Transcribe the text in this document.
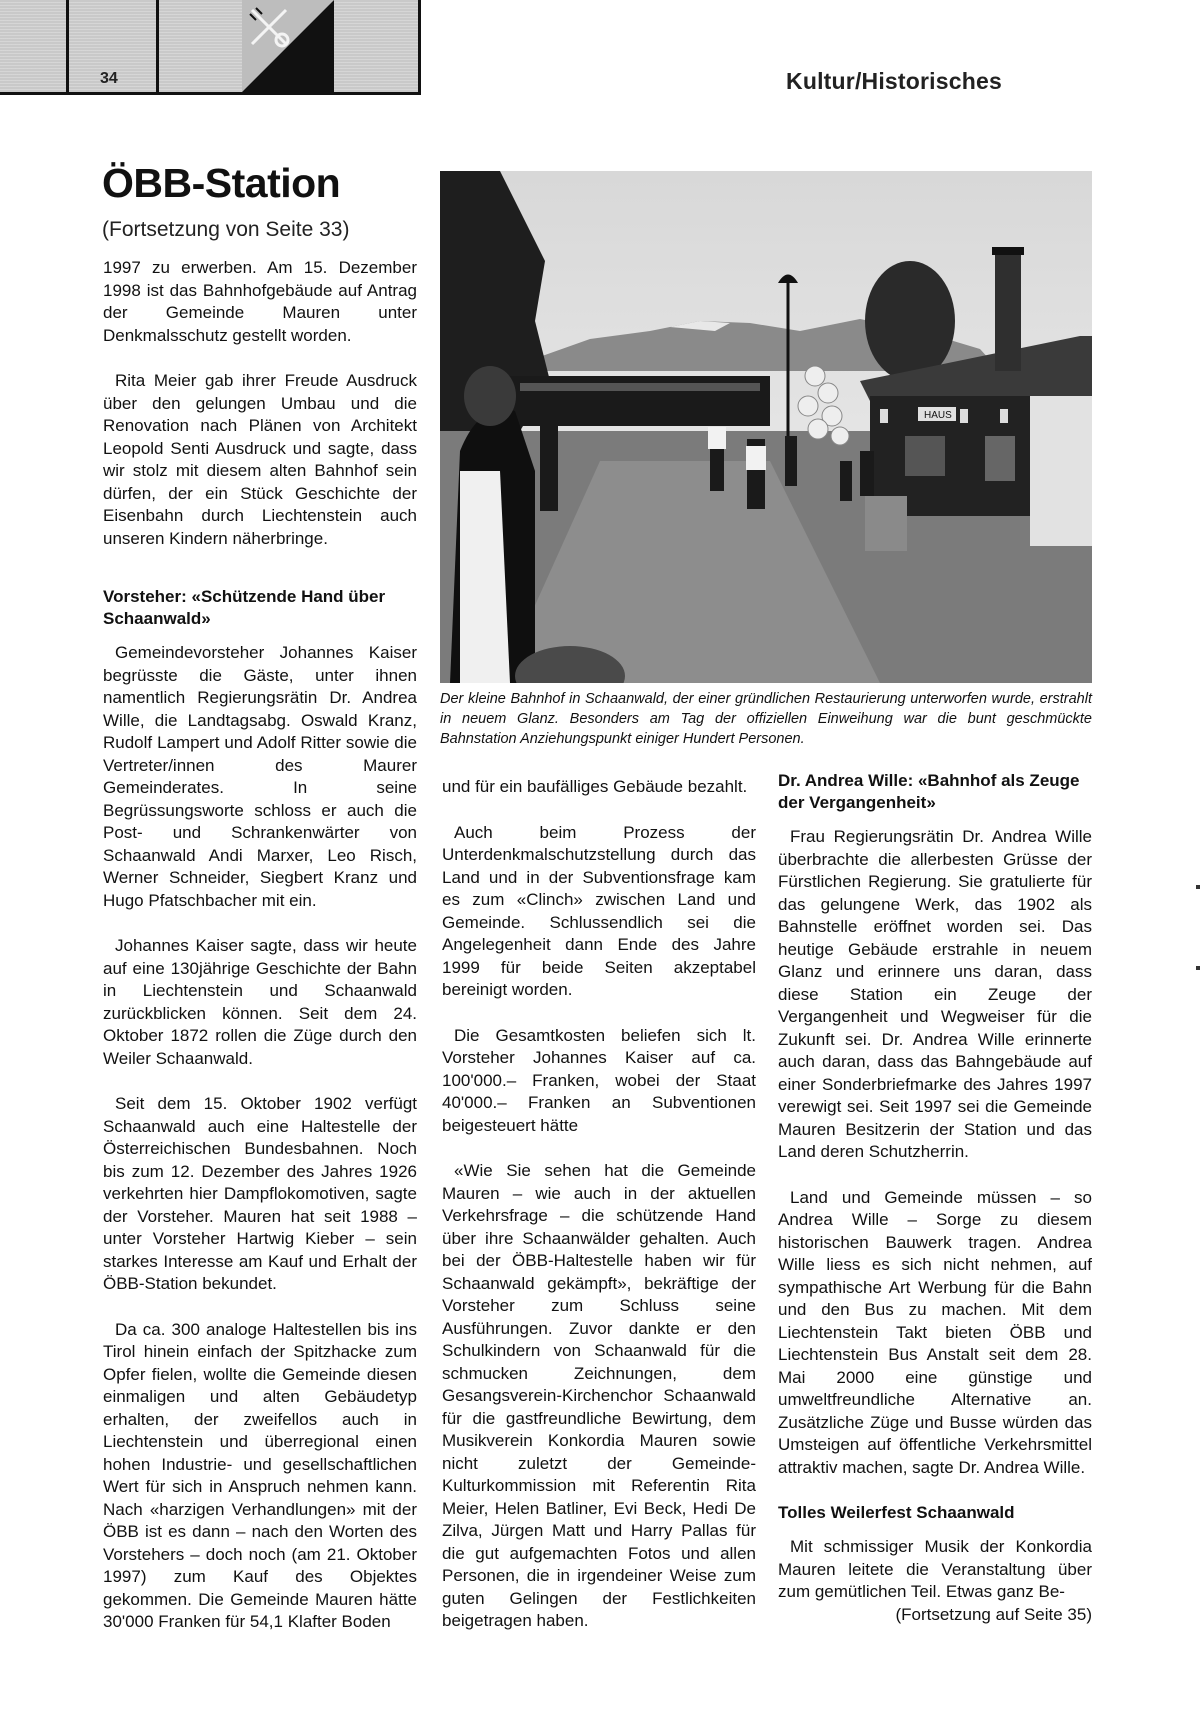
34	Kultur/Historisches
ÖBB-Station
(Fortsetzung von Seite 33)

1997 zu erwerben. Am 15. Dezember 1998 ist das Bahnhofgebäude auf Antrag der Gemeinde Mauren unter Denkmalsschutz gestellt worden.

Rita Meier gab ihrer Freude Ausdruck über den gelungen Umbau und die Renovation nach Plänen von Architekt Leopold Senti Ausdruck und sagte, dass wir stolz mit diesem alten Bahnhof sein dürfen, der ein Stück Geschichte der Eisenbahn durch Liechtenstein auch unseren Kindern näherbringe.

Vorsteher: «Schützende Hand über Schaanwald»

Gemeindevorsteher Johannes Kaiser begrüsste die Gäste, unter ihnen namentlich Regierungsrätin Dr. Andrea Wille, die Landtagsabg. Oswald Kranz, Rudolf Lampert und Adolf Ritter sowie die Vertreter/innen des Maurer Gemeinderates. In seine Begrüssungsworte schloss er auch die Post- und Schrankenwärter von Schaanwald Andi Marxer, Leo Risch, Werner Schneider, Siegbert Kranz und Hugo Pfatschbacher mit ein.

Johannes Kaiser sagte, dass wir heute auf eine 130jährige Geschichte der Bahn in Liechtenstein und Schaanwald zurückblicken können. Seit dem 24. Oktober 1872 rollen die Züge durch den Weiler Schaanwald.

Seit dem 15. Oktober 1902 verfügt Schaanwald auch eine Haltestelle der Österreichischen Bundesbahnen. Noch bis zum 12. Dezember des Jahres 1926 verkehrten hier Dampflokomotiven, sagte der Vorsteher. Mauren hat seit 1988 – unter Vorsteher Hartwig Kieber – sein starkes Interesse am Kauf und Erhalt der ÖBB-Station bekundet.

Da ca. 300 analoge Haltestellen bis ins Tirol hinein einfach der Spitzhacke zum Opfer fielen, wollte die Gemeinde diesen einmaligen und alten Gebäudetyp erhalten, der zweifellos auch in Liechtenstein und überregional einen hohen Industrie- und gesellschaftlichen Wert für sich in Anspruch nehmen kann. Nach «harzigen Verhandlungen» mit der ÖBB ist es dann – nach den Worten des Vorstehers – doch noch (am 21. Oktober 1997) zum Kauf des Objektes gekommen. Die Gemeinde Mauren hätte 30'000 Franken für 54,1 Klafter Boden

HAUS
Der kleine Bahnhof in Schaanwald, der einer gründlichen Restaurierung unterworfen wurde, erstrahlt in neuem Glanz. Besonders am Tag der offiziellen Einweihung war die bunt geschmückte Bahnstation Anziehungspunkt einiger Hundert Personen.

und für ein baufälliges Gebäude bezahlt.

Auch beim Prozess der Unterdenkmalschutzstellung durch das Land und in der Subventionsfrage kam es zum «Clinch» zwischen Land und Gemeinde. Schlussendlich sei die Angelegenheit dann Ende des Jahre 1999 für beide Seiten akzeptabel bereinigt worden.

Die Gesamtkosten beliefen sich lt. Vorsteher Johannes Kaiser auf ca. 100'000.– Franken, wobei der Staat 40'000.– Franken an Subventionen beigesteuert hätte

«Wie Sie sehen hat die Gemeinde Mauren – wie auch in der aktuellen Verkehrsfrage – die schützende Hand über ihre Schaanwälder gehalten. Auch bei der ÖBB-Haltestelle haben wir für Schaanwald gekämpft», bekräftige der Vorsteher zum Schluss seine Ausführungen. Zuvor dankte er den Schulkindern von Schaanwald für die schmucken Zeichnungen, dem Gesangsverein-Kirchenchor Schaanwald für die gastfreundliche Bewirtung, dem Musikverein Konkordia Mauren sowie nicht zuletzt der Gemeinde-Kulturkommission mit Referentin Rita Meier, Helen Batliner, Evi Beck, Hedi De Zilva, Jürgen Matt und Harry Pallas für die gut aufgemachten Fotos und allen Personen, die in irgendeiner Weise zum guten Gelingen der Festlichkeiten beigetragen haben.

Dr. Andrea Wille: «Bahnhof als Zeuge der Vergangenheit»

Frau Regierungsrätin Dr. Andrea Wille überbrachte die allerbesten Grüsse der Fürstlichen Regierung. Sie gratulierte für das gelungene Werk, das 1902 als Bahnstelle eröffnet worden sei. Das heutige Gebäude erstrahle in neuem Glanz und erinnere uns daran, dass diese Station ein Zeuge der Vergangenheit und Wegweiser für die Zukunft sei. Dr. Andrea Wille erinnerte auch daran, dass das Bahngebäude auf einer Sonderbriefmarke des Jahres 1997 verewigt sei. Seit 1997 sei die Gemeinde Mauren Besitzerin der Station und das Land deren Schutzherrin.

Land und Gemeinde müssen – so Andrea Wille – Sorge zu diesem historischen Bauwerk tragen. Andrea Wille liess es sich nicht nehmen, auf sympathische Art Werbung für die Bahn und den Bus zu machen. Mit dem Liechtenstein Takt bieten ÖBB und Liechtenstein Bus Anstalt seit dem 28. Mai 2000 eine günstige und umweltfreundliche Alternative an. Zusätzliche Züge und Busse würden das Umsteigen auf öffentliche Verkehrsmittel attraktiv machen, sagte Dr. Andrea Wille.

Tolles Weilerfest Schaanwald

Mit schmissiger Musik der Konkordia Mauren leitete die Veranstaltung über zum gemütlichen Teil. Etwas ganz Be-

(Fortsetzung auf Seite 35)
